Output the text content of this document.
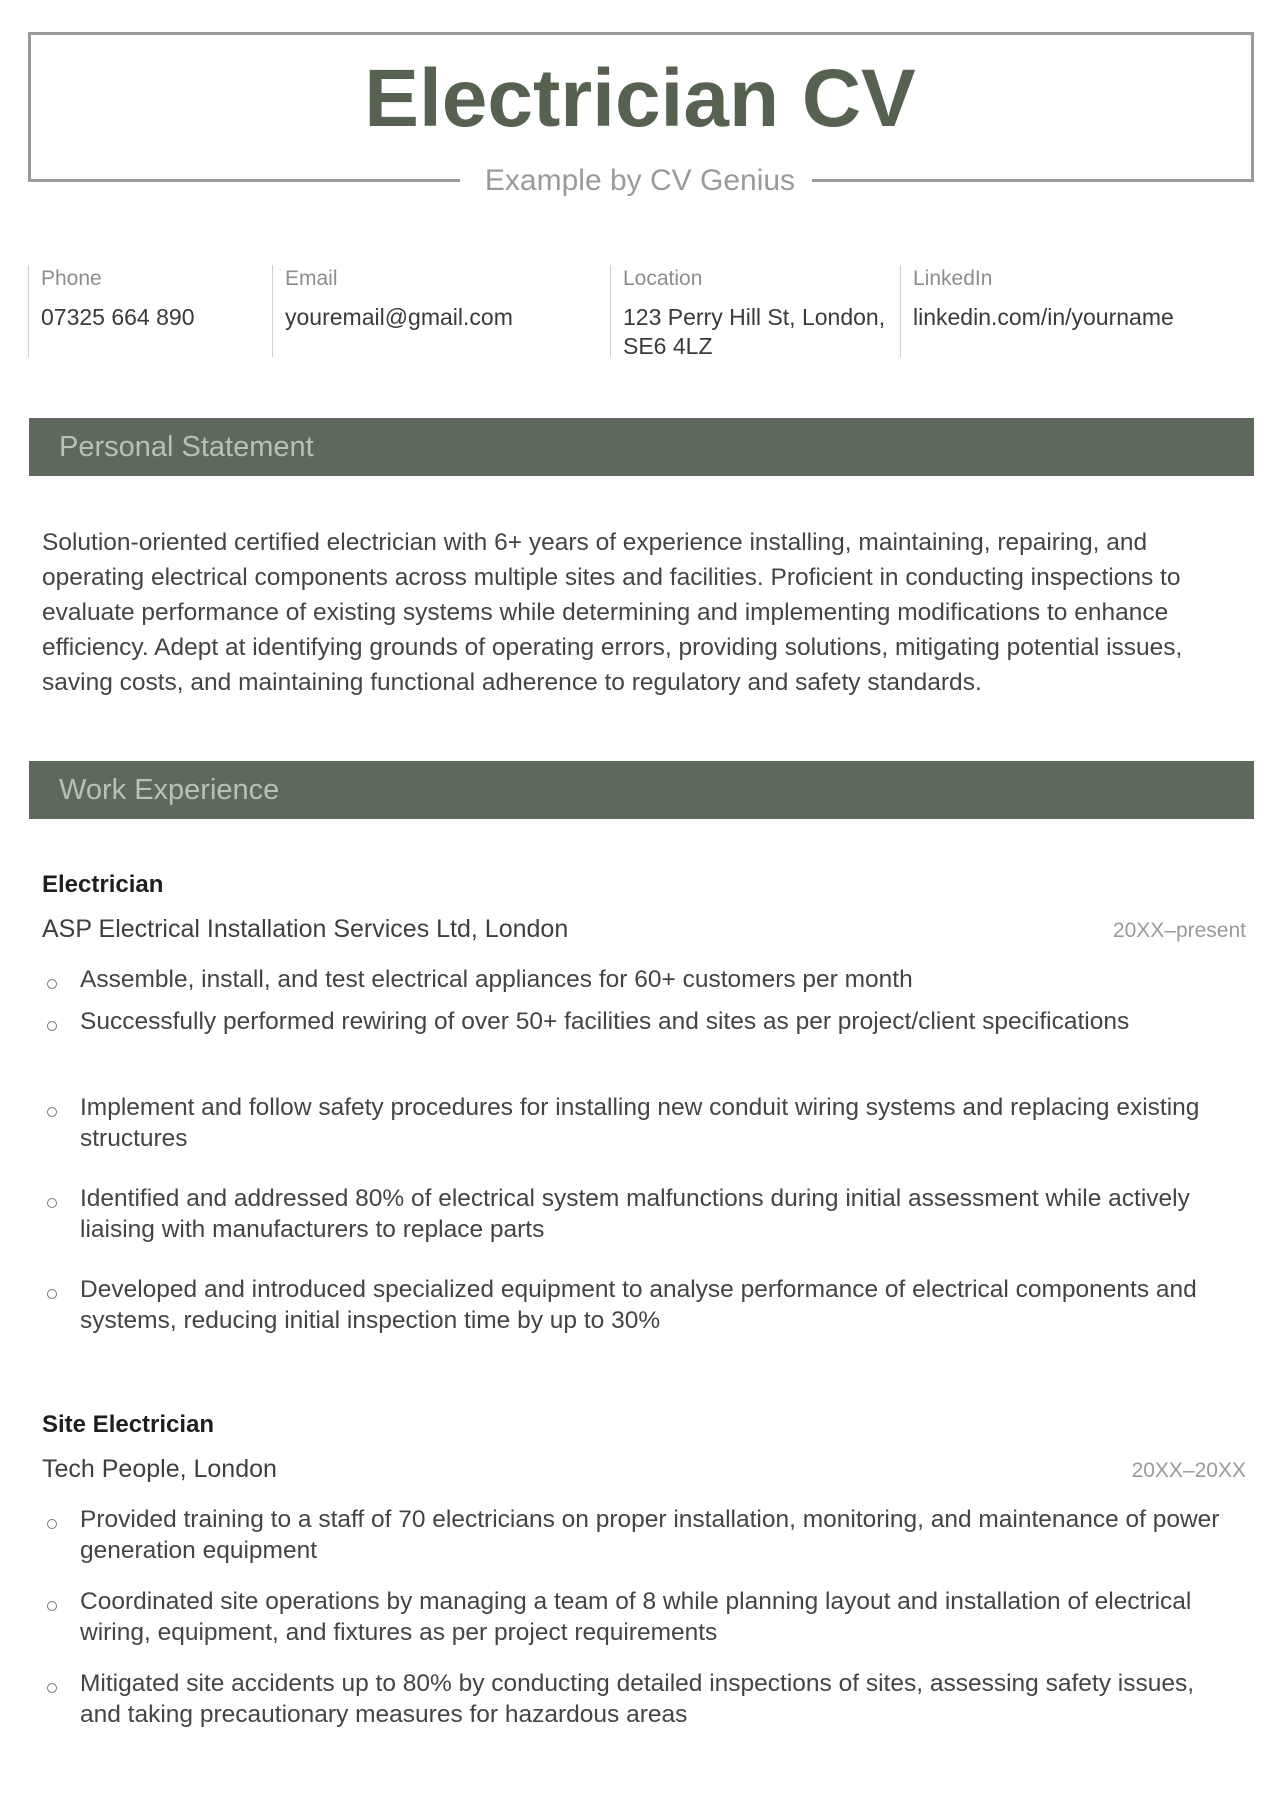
Electrician CV
Example by CV Genius
Phone
07325 664 890
Email
youremail@gmail.com
Location
123 Perry Hill St, London, SE6 4LZ
LinkedIn
linkedin.com/in/yourname
Personal Statement
Solution-oriented certified electrician with 6+ years of experience installing, maintaining, repairing, and operating electrical components across multiple sites and facilities. Proficient in conducting inspections to evaluate performance of existing systems while determining and implementing modifications to enhance efficiency. Adept at identifying grounds of operating errors, providing solutions, mitigating potential issues, saving costs, and maintaining functional adherence to regulatory and safety standards.
Work Experience
Electrician
ASP Electrical Installation Services Ltd, London	20XX–present
Assemble, install, and test electrical appliances for 60+ customers per month
Successfully performed rewiring of over 50+ facilities and sites as per project/client specifications
Implement and follow safety procedures for installing new conduit wiring systems and replacing existing structures
Identified and addressed 80% of electrical system malfunctions during initial assessment while actively liaising with manufacturers to replace parts
Developed and introduced specialized equipment to analyse performance of electrical components and systems, reducing initial inspection time by up to 30%
Site Electrician
Tech People, London	20XX–20XX
Provided training to a staff of 70 electricians on proper installation, monitoring, and maintenance of power generation equipment
Coordinated site operations by managing a team of 8 while planning layout and installation of electrical wiring, equipment, and fixtures as per project requirements
Mitigated site accidents up to 80% by conducting detailed inspections of sites, assessing safety issues, and taking precautionary measures for hazardous areas
